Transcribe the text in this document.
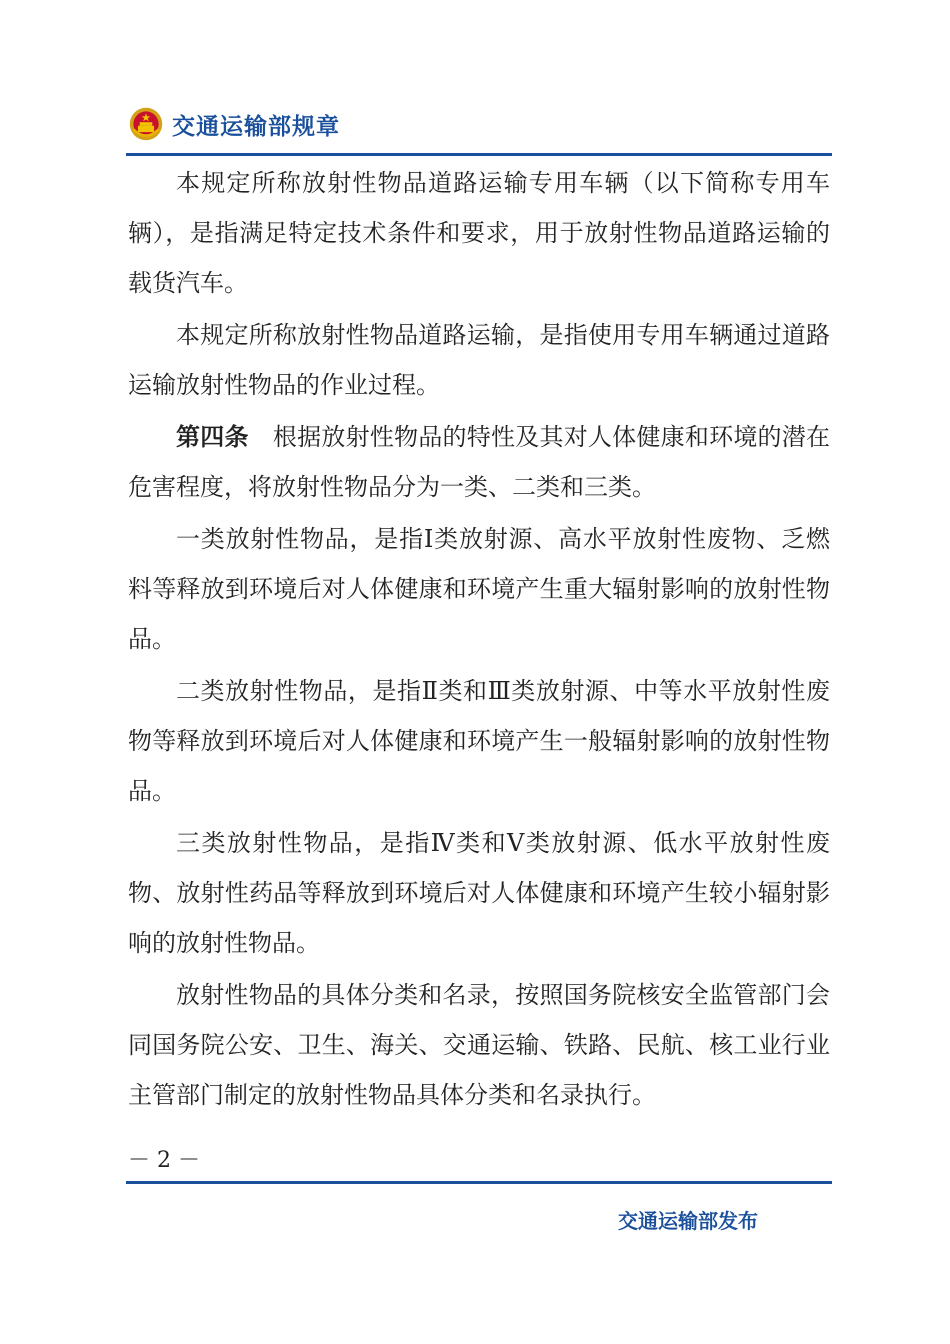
交通运输部规章

本规定所称放射性物品道路运输专用车辆（以下简称专用车辆），是指满足特定技术条件和要求，用于放射性物品道路运输的载货汽车。

本规定所称放射性物品道路运输，是指使用专用车辆通过道路运输放射性物品的作业过程。

第四条　根据放射性物品的特性及其对人体健康和环境的潜在危害程度，将放射性物品分为一类、二类和三类。

一类放射性物品，是指Ⅰ类放射源、高水平放射性废物、乏燃料等释放到环境后对人体健康和环境产生重大辐射影响的放射性物品。

二类放射性物品，是指Ⅱ类和Ⅲ类放射源、中等水平放射性废物等释放到环境后对人体健康和环境产生一般辐射影响的放射性物品。

三类放射性物品，是指Ⅳ类和Ⅴ类放射源、低水平放射性废物、放射性药品等释放到环境后对人体健康和环境产生较小辐射影响的放射性物品。

放射性物品的具体分类和名录，按照国务院核安全监管部门会同国务院公安、卫生、海关、交通运输、铁路、民航、核工业行业主管部门制定的放射性物品具体分类和名录执行。

－ 2 －
交通运输部发布
